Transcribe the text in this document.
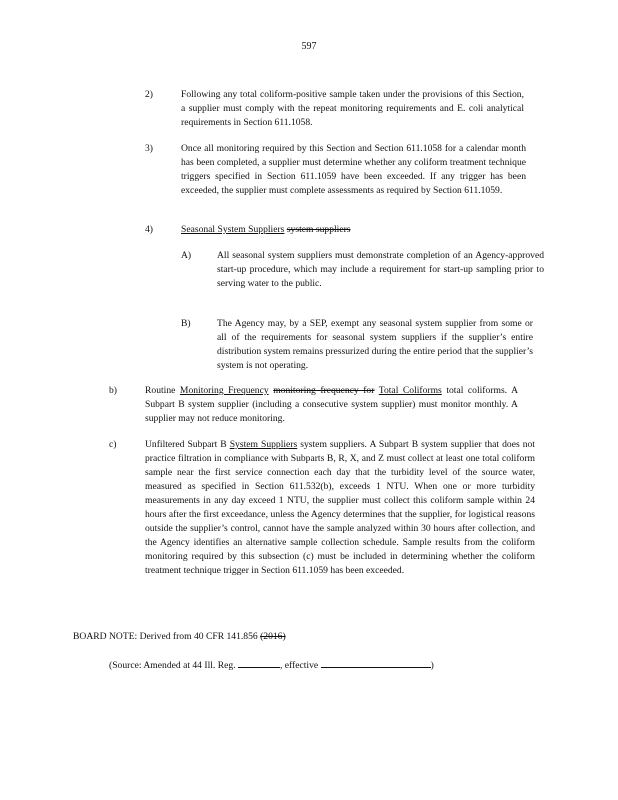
597
2)	Following any total coliform-positive sample taken under the provisions of this Section, a supplier must comply with the repeat monitoring requirements and E. coli analytical requirements in Section 611.1058.
3)	Once all monitoring required by this Section and Section 611.1058 for a calendar month has been completed, a supplier must determine whether any coliform treatment technique triggers specified in Section 611.1059 have been exceeded. If any trigger has been exceeded, the supplier must complete assessments as required by Section 611.1059.
4)	Seasonal System Suppliers system suppliers
A)	All seasonal system suppliers must demonstrate completion of an Agency-approved start-up procedure, which may include a requirement for start-up sampling prior to serving water to the public.
B)	The Agency may, by a SEP, exempt any seasonal system supplier from some or all of the requirements for seasonal system suppliers if the supplier’s entire distribution system remains pressurized during the entire period that the supplier’s system is not operating.
b)	Routine Monitoring Frequency monitoring frequency for Total Coliforms total coliforms. A Subpart B system supplier (including a consecutive system supplier) must monitor monthly. A supplier may not reduce monitoring.
c)	Unfiltered Subpart B System Suppliers system suppliers. A Subpart B system supplier that does not practice filtration in compliance with Subparts B, R, X, and Z must collect at least one total coliform sample near the first service connection each day that the turbidity level of the source water, measured as specified in Section 611.532(b), exceeds 1 NTU. When one or more turbidity measurements in any day exceed 1 NTU, the supplier must collect this coliform sample within 24 hours after the first exceedance, unless the Agency determines that the supplier, for logistical reasons outside the supplier’s control, cannot have the sample analyzed within 30 hours after collection, and the Agency identifies an alternative sample collection schedule. Sample results from the coliform monitoring required by this subsection (c) must be included in determining whether the coliform treatment technique trigger in Section 611.1059 has been exceeded.
BOARD NOTE: Derived from 40 CFR 141.856 (2016)
(Source: Amended at 44 Ill. Reg.	, effective	)
